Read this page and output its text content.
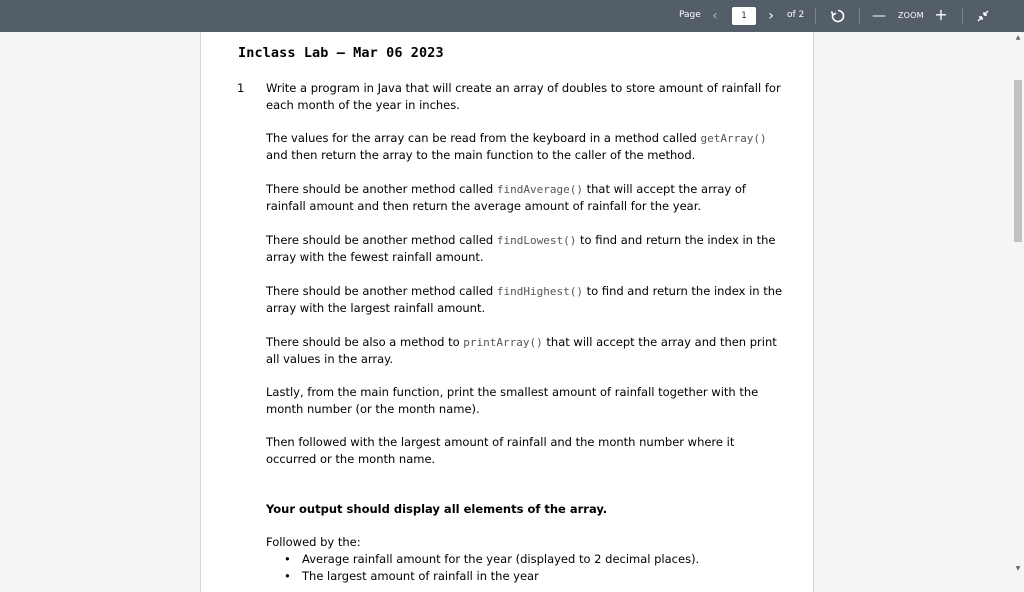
Page ‹
1	›	of 2	— ZOOM +
Inclass Lab – Mar 06 2023
1 Write a program in Java that will create an array of doubles to store amount of rainfall for each month of the year in inches.
The values for the array can be read from the keyboard in a method called getArray() and then return the array to the main function to the caller of the method.
There should be another method called findAverage() that will accept the array of rainfall amount and then return the average amount of rainfall for the year.
There should be another method called findLowest() to find and return the index in the array with the fewest rainfall amount.
There should be another method called findHighest() to find and return the index in the array with the largest rainfall amount.
There should be also a method to printArray() that will accept the array and then print all values in the array.
Lastly, from the main function, print the smallest amount of rainfall together with the month number (or the month name).
Then followed with the largest amount of rainfall and the month number where it occurred or the month name.
Your output should display all elements of the array.
Followed by the:
• Average rainfall amount for the year (displayed to 2 decimal places).
• The largest amount of rainfall in the year
▲
▼
